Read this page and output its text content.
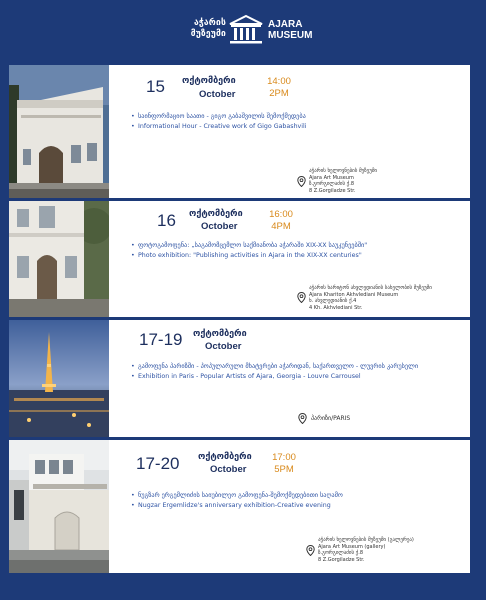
აჭარის
მუზეუმი
AJARA
MUSEUM
15 ოქტომბერი
October
14:00
2PM
• საინფორმაციო საათი - გიგო გაბაშვილის შემოქმედება
• Informational Hour - Creative work of Gigo Gabashvili
აჭარის ხელოვნების მუზეუმი
Ajara Art Museum
ზ.გორგილაძის ქ.8
8 Z.Gorgiladze Str.
16 ოქტომბერი
October
16:00
4PM
• ფოტოგამოფენა: „საგამომცემლო საქმიანობა აჭარაში XIX-XX საუკუნეებში"
• Photo exhibition: "Publishing activities in Ajara in the XIX-XX centuries"
აჭარის ხარიტონ ახვლედიანის სახელობის მუზეუმი
Ajara Khariton Akhvlediani Museum
ხ. ახვლედიანის ქ.4
4 Kh. Akhvlediani Str.
17-19 ოქტომბერი
October
• გამოფენა პარიზში - პოპულარული მხატვრები აჭარიდან, საქართველო - ლუვრის კარუსელი
• Exhibition in Paris - Popular Artists of Ajara, Georgia - Louvre Carrousel
პარიზი/PARIS
17-20 ოქტომბერი
October
17:00
5PM
• ნუგზარ ერგემლიძის საიუბილეო გამოფენა-შემოქმედებითი საღამო
• Nugzar Ergemlidze's anniversary exhibition-Creative evening
აჭარის ხელოვნების მუზეუმი (გალერეა)
Ajara Art Museum (gallery)
ზ.გორგილაძის ქ.8
8 Z.Gorgiladze Str.
